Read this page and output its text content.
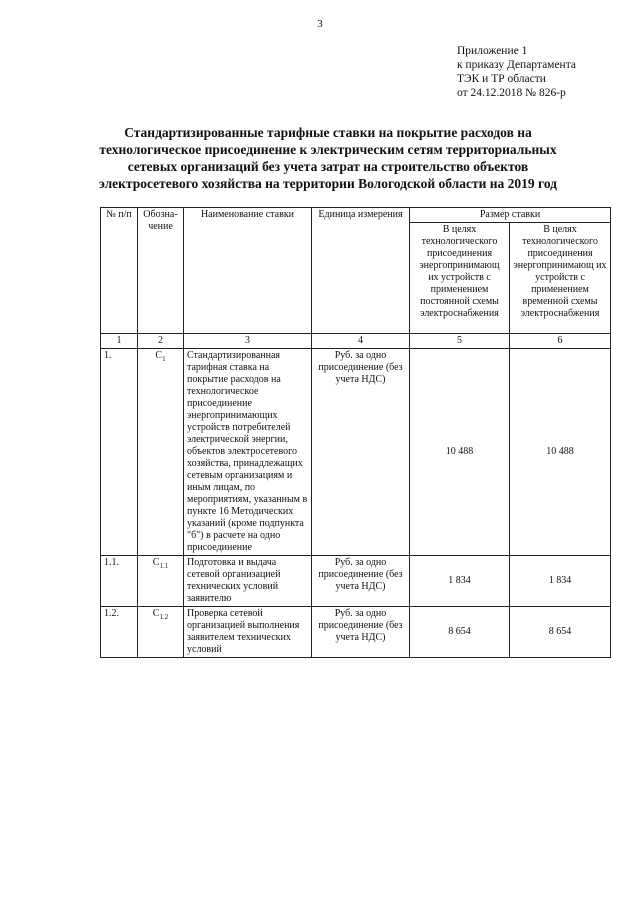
3
Приложение 1
к приказу Департамента
ТЭК и ТР области
от 24.12.2018 № 826-р
Стандартизированные тарифные ставки на покрытие расходов на
технологическое присоединение к электрическим сетям территориальных
сетевых организаций без учета затрат на строительство объектов
электросетевого хозяйства на территории Вологодской области на 2019 год
№ п/п	Обозна-чение	Наименование ставки	Единица измерения	Размер ставки	
				В целях технологического присоединения энергопринимающ их устройств с применением постоянной схемы электроснабжения	В целях технологического присоединения энергопринимающ их устройств с применением временной схемы электроснабжения
1	2	3	4	5	6
1.	$С_1$	Стандартизированная тарифная ставка на покрытие расходов на технологическое присоединение энергопринимающих устройств потребителей электрической энергии, объектов электросетевого хозяйства, принадлежащих сетевым организациям и иным лицам, по мероприятиям, указанным в пункте 16 Методических указаний (кроме подпункта "б") в расчете на одно присоединение	Руб. за одно присоединение (без учета НДС)	10 488	10 488
1.1.	$С_{1.1}$	Подготовка и выдача сетевой организацией технических условий заявителю	Руб. за одно присоединение (без учета НДС)	1 834	1 834
1.2.	$С_{1.2}$	Проверка сетевой организацией выполнения заявителем технических условий	Руб. за одно присоединение (без учета НДС)	8 654	8 654
